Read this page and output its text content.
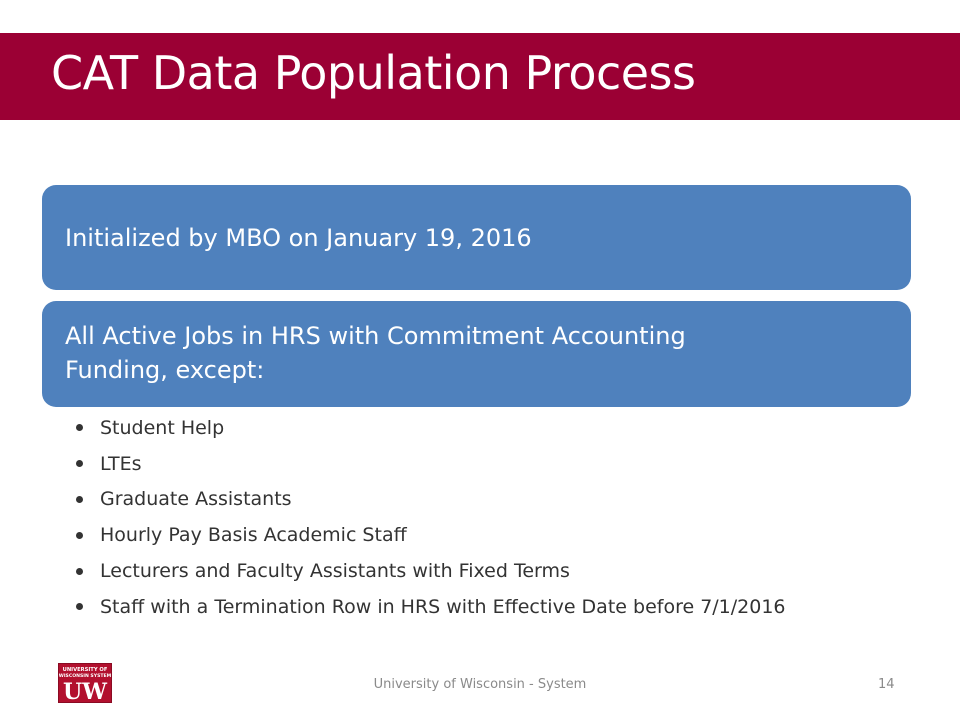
CAT Data Population Process
Initialized by MBO on January 19, 2016
All Active Jobs in HRS with Commitment Accounting
Funding, except:
Student Help
LTEs
Graduate Assistants
Hourly Pay Basis Academic Staff
Lecturers and Faculty Assistants with Fixed Terms
Staff with a Termination Row in HRS with Effective Date before 7/1/2016
UNIVERSITY OF
WISCONSIN SYSTEM
UW	University of Wisconsin - System	14
